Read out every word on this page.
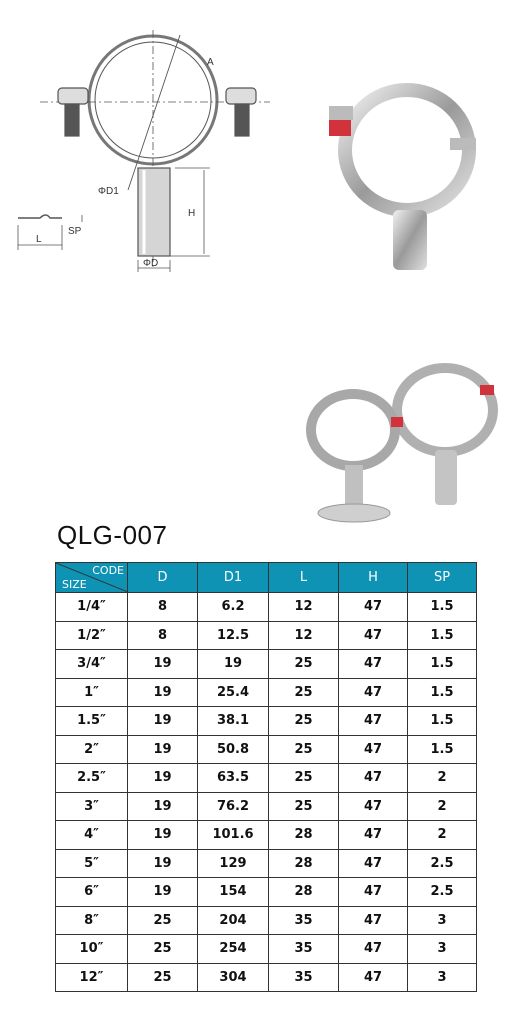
A
ΦD1
H
ΦD
L
SP
QLG-007
CODE
SIZE	D	D1	L	H	SP
1/4″	8	6.2	12	47	1.5
1/2″	8	12.5	12	47	1.5
3/4″	19	19	25	47	1.5
1″	19	25.4	25	47	1.5
1.5″	19	38.1	25	47	1.5
2″	19	50.8	25	47	1.5
2.5″	19	63.5	25	47	2
3″	19	76.2	25	47	2
4″	19	101.6	28	47	2
5″	19	129	28	47	2.5
6″	19	154	28	47	2.5
8″	25	204	35	47	3
10″	25	254	35	47	3
12″	25	304	35	47	3
